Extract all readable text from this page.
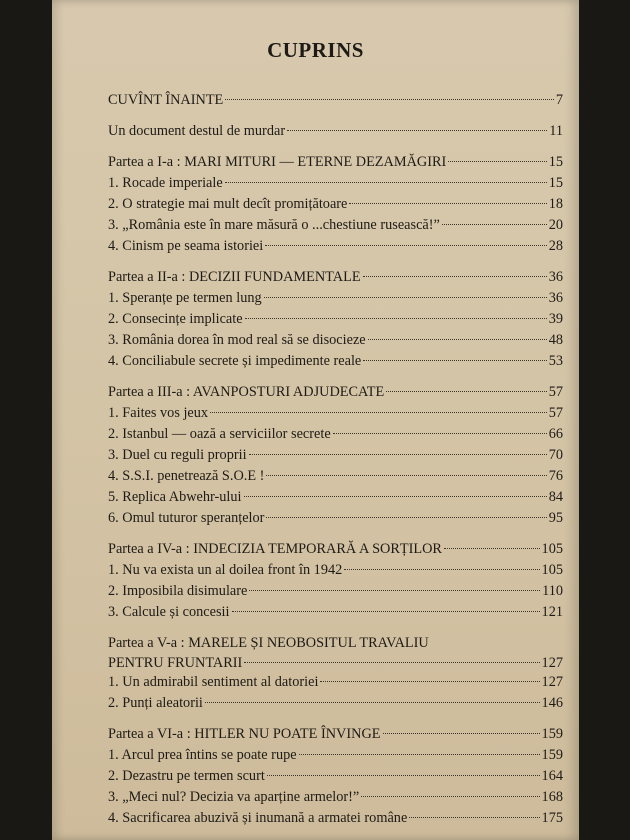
CUPRINS
CUVÎNT ÎNAINTE	7
Un document destul de murdar	11
Partea a I-a : MARI MITURI — ETERNE DEZAMĂGIRI	15
1. Rocade imperiale	15
2. O strategie mai mult decît promițătoare	18
3. „România este în mare măsură o ...chestiune rusească!”	20
4. Cinism pe seama istoriei	28
Partea a II-a : DECIZII FUNDAMENTALE	36
1. Speranțe pe termen lung	36
2. Consecințe implicate	39
3. România dorea în mod real să se disocieze	48
4. Conciliabule secrete și impedimente reale	53
Partea a III-a : AVANPOSTURI ADJUDECATE	57
1. Faites vos jeux	57
2. Istanbul — oază a serviciilor secrete	66
3. Duel cu reguli proprii	70
4. S.S.I. penetrează S.O.E !	76
5. Replica Abwehr-ului	84
6. Omul tuturor speranțelor	95
Partea a IV-a : INDECIZIA TEMPORARĂ A SORȚILOR	105
1. Nu va exista un al doilea front în 1942	105
2. Imposibila disimulare	110
3. Calcule și concesii	121
Partea a V-a : MARELE ȘI NEOBOSITUL TRAVALIU
PENTRU FRUNTARII	127
1. Un admirabil sentiment al datoriei	127
2. Punți aleatorii	146
Partea a VI-a : HITLER NU POATE ÎNVINGE	159
1. Arcul prea întins se poate rupe	159
2. Dezastru pe termen scurt	164
3. „Meci nul? Decizia va aparține armelor!”	168
4. Sacrificarea abuzivă și inumană a armatei române	175
